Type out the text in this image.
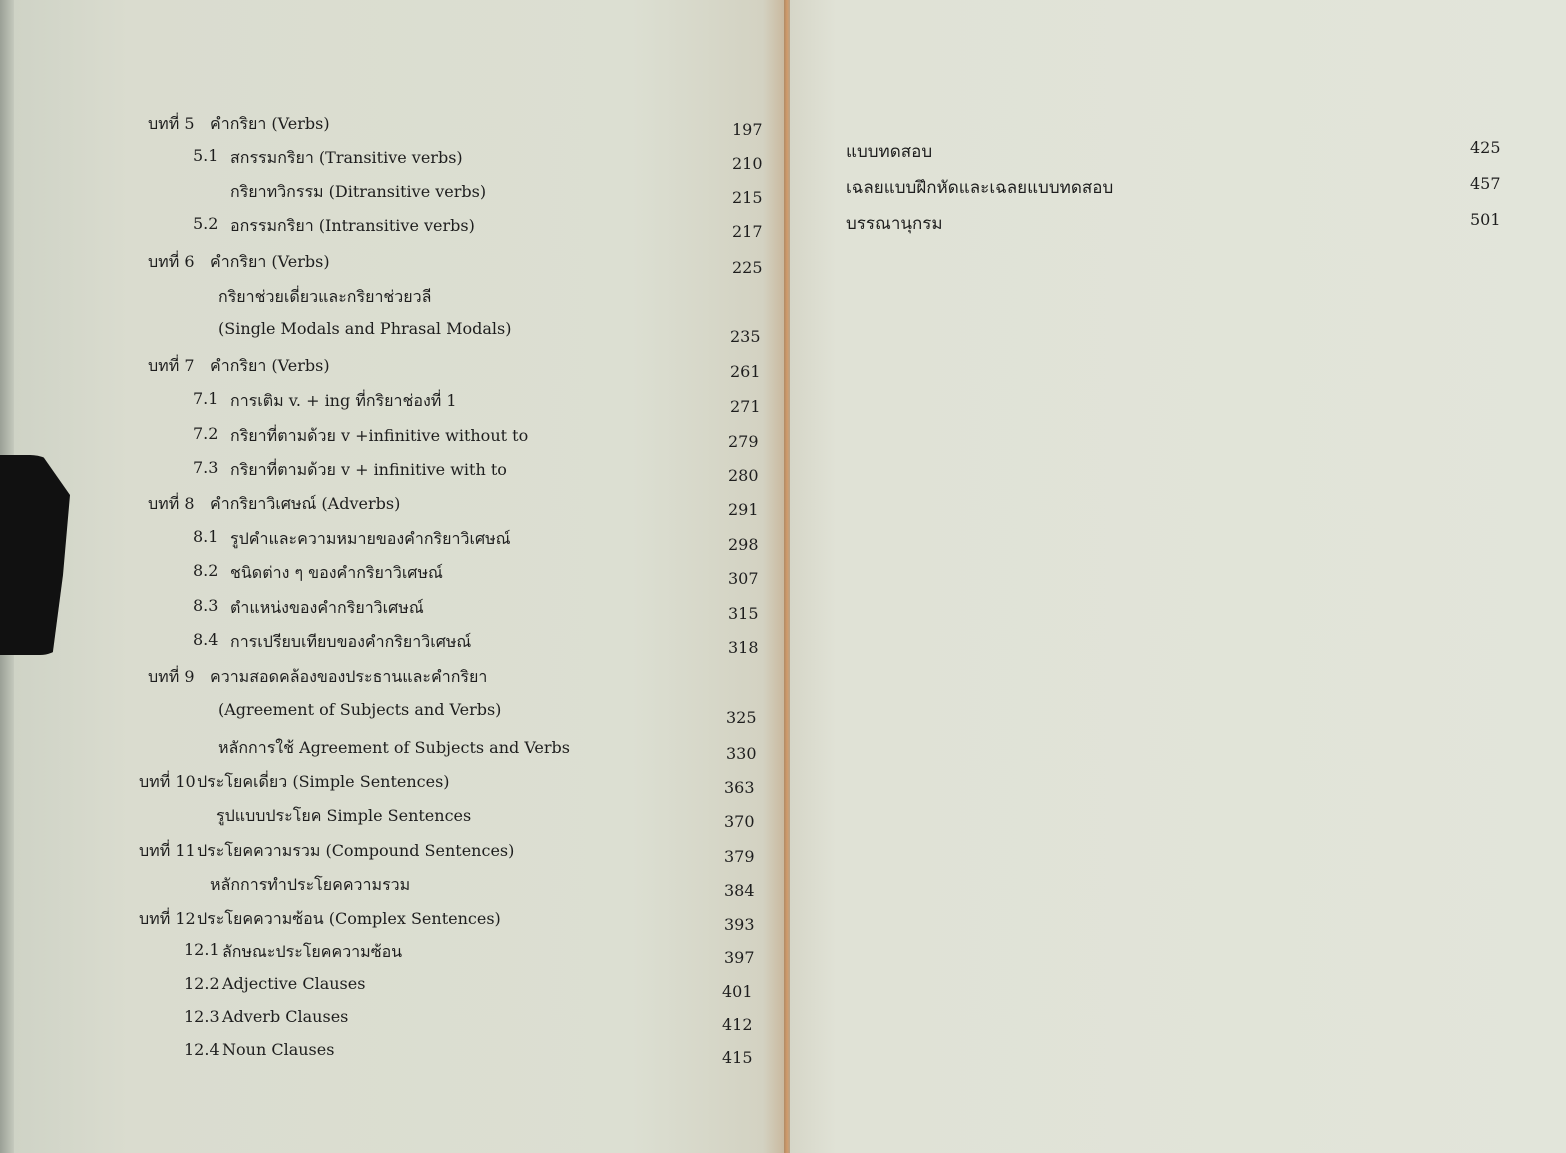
บทที่ 5 คำกริยา (Verbs)	197
5.1 สกรรมกริยา (Transitive verbs)	210
กริยาทวิกรรม (Ditransitive verbs)	215
5.2 อกรรมกริยา (Intransitive verbs)	217
บทที่ 6 คำกริยา (Verbs)	225
กริยาช่วยเดี่ยวและกริยาช่วยวลี
(Single Modals and Phrasal Modals)	235
บทที่ 7 คำกริยา (Verbs)	261
7.1 การเติม v. + ing ที่กริยาช่องที่ 1	271
7.2 กริยาที่ตามด้วย v +infinitive without to	279
7.3 กริยาที่ตามด้วย v + infinitive with to	280
บทที่ 8 คำกริยาวิเศษณ์ (Adverbs)	291
8.1 รูปคำและความหมายของคำกริยาวิเศษณ์	298
8.2 ชนิดต่าง ๆ ของคำกริยาวิเศษณ์	307
8.3 ตำแหน่งของคำกริยาวิเศษณ์	315
8.4 การเปรียบเทียบของคำกริยาวิเศษณ์	318
บทที่ 9 ความสอดคล้องของประธานและคำกริยา
(Agreement of Subjects and Verbs)	325
หลักการใช้ Agreement of Subjects and Verbs	330
บทที่ 10 ประโยคเดี่ยว (Simple Sentences)	363
รูปแบบประโยค Simple Sentences	370
บทที่ 11 ประโยคความรวม (Compound Sentences)	379
หลักการทำประโยคความรวม	384
บทที่ 12 ประโยคความซ้อน (Complex Sentences)	393
12.1 ลักษณะประโยคความซ้อน	397
12.2 Adjective Clauses	401
12.3 Adverb Clauses	412
12.4 Noun Clauses	415
แบบทดสอบ	425
เฉลยแบบฝึกหัดและเฉลยแบบทดสอบ	457
บรรณานุกรม	501
